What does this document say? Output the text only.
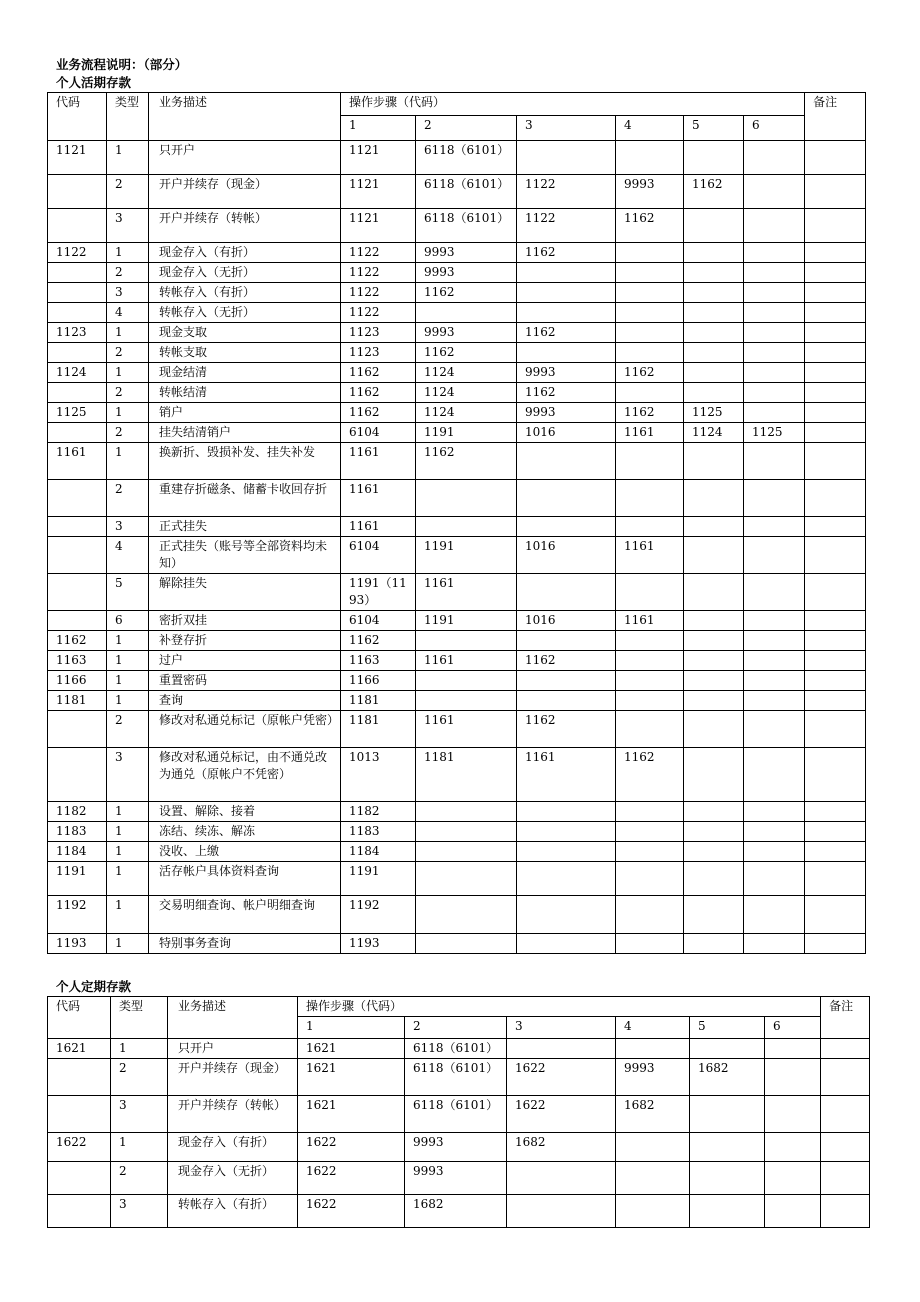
业务流程说明：（部分）
个人活期存款
代码	类型	业务描述	操作步骤（代码）						备注
			1	2	3	4	5	6	
1121	1	只开户	1121	6118（6101）					
	2	开户并续存（现金）	1121	6118（6101）	1122	9993	1162		
	3	开户并续存（转帐）	1121	6118（6101）	1122	1162			
1122	1	现金存入（有折）	1122	9993	1162				
	2	现金存入（无折）	1122	9993					
	3	转帐存入（有折）	1122	1162					
	4	转帐存入（无折）	1122						
1123	1	现金支取	1123	9993	1162				
	2	转帐支取	1123	1162					
1124	1	现金结清	1162	1124	9993	1162			
	2	转帐结清	1162	1124	1162				
1125	1	销户	1162	1124	9993	1162	1125		
	2	挂失结清销户	6104	1191	1016	1161	1124	1125	
1161	1	换新折、毁损补发、挂失补发	1161	1162					
	2	重建存折磁条、储蓄卡收回存折	1161						
	3	正式挂失	1161						
	4	正式挂失（账号等全部资料均未知）	6104	1191	1016	1161			
	5	解除挂失	1191（1193）	1161					
	6	密折双挂	6104	1191	1016	1161			
1162	1	补登存折	1162						
1163	1	过户	1163	1161	1162				
1166	1	重置密码	1166						
1181	1	查询	1181						
	2	修改对私通兑标记（原帐户凭密）	1181	1161	1162				
	3	修改对私通兑标记，由不通兑改为通兑（原帐户不凭密）	1013	1181	1161	1162			
1182	1	设置、解除、接着	1182						
1183	1	冻结、续冻、解冻	1183						
1184	1	没收、上缴	1184						
1191	1	活存帐户具体资料查询	1191						
1192	1	交易明细查询、帐户明细查询	1192						
1193	1	特别事务查询	1193						
个人定期存款
代码	类型	业务描述	操作步骤（代码）						备注
			1	2	3	4	5	6	
1621	1	只开户	1621	6118（6101）					
	2	开户并续存（现金）	1621	6118（6101）	1622	9993	1682		
	3	开户并续存（转帐）	1621	6118（6101）	1622	1682			
1622	1	现金存入（有折）	1622	9993	1682				
	2	现金存入（无折）	1622	9993					
	3	转帐存入（有折）	1622	1682					
